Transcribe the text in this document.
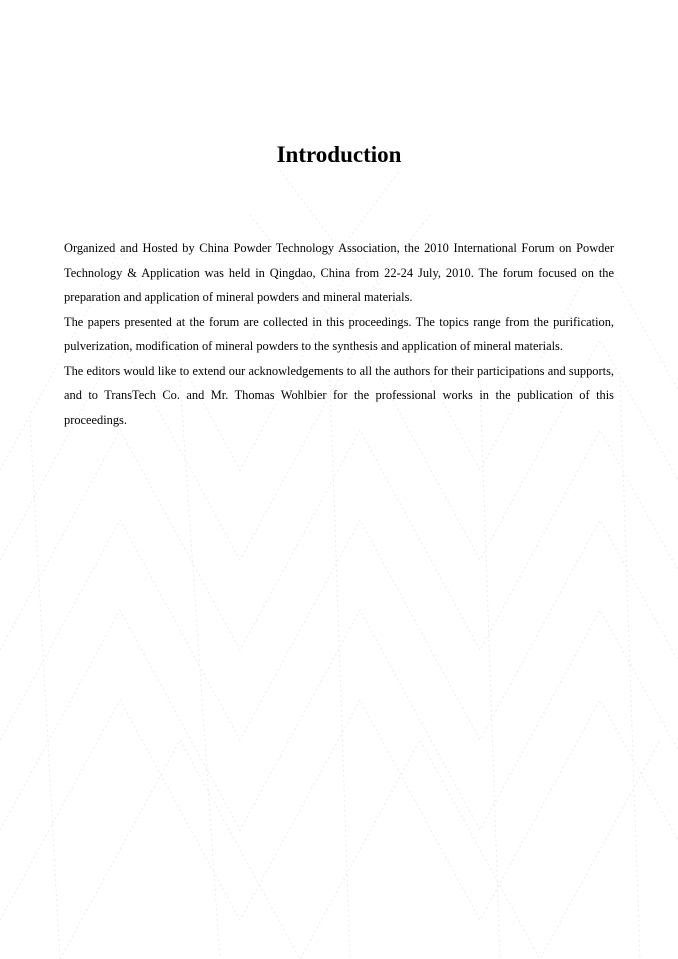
Introduction

Organized and Hosted by China Powder Technology Association, the 2010 International Forum on Powder Technology & Application was held in Qingdao, China from 22-24 July, 2010. The forum focused on the preparation and application of mineral powders and mineral materials.

The papers presented at the forum are collected in this proceedings. The topics range from the purification, pulverization, modification of mineral powders to the synthesis and application of mineral materials.

The editors would like to extend our acknowledgements to all the authors for their participations and supports, and to TransTech Co. and Mr. Thomas Wohlbier for the professional works in the publication of this proceedings.
